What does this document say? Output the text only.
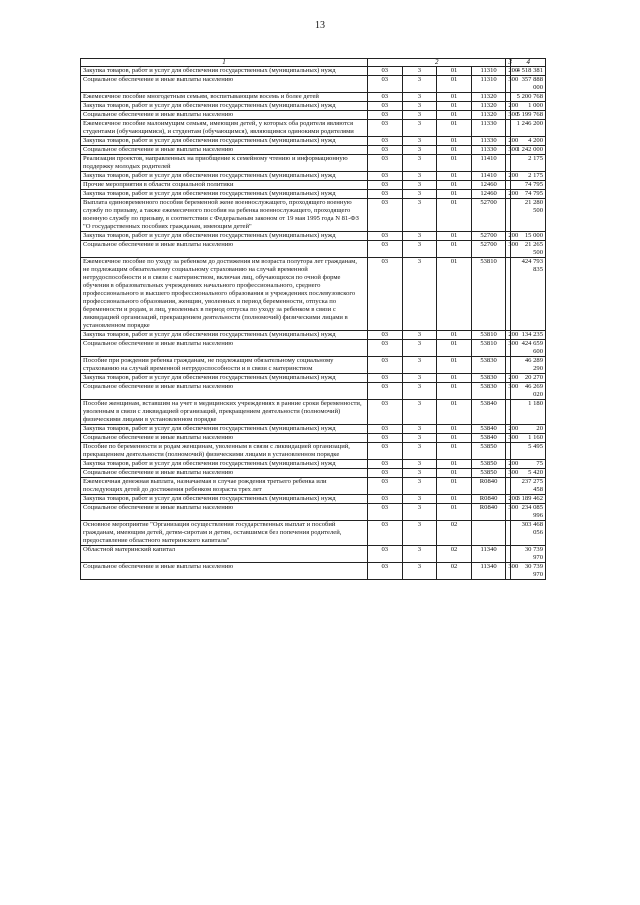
13
1	2				3	4
Закупка товаров, работ и услуг для обеспечения государственных (муниципальных) нужд	03	3	01	11310	200	4 518 381
Социальное обеспечение и иные выплаты населению	03	3	01	11310	300	357 888 000
Ежемесячное пособие многодетным семьям, воспитывающим восемь и более детей	03	3	01	11320		5 200 768
Закупка товаров, работ и услуг для обеспечения государственных (муниципальных) нужд	03	3	01	11320	200	1 000
Социальное обеспечение и иные выплаты населению	03	3	01	11320	300	5 199 768
Ежемесячное пособие малоимущим семьям, имеющим детей, у которых оба родителя являются студентами (обучающимися), и студентам (обучающимся), являющимся одинокими родителями	03	3	01	11330		1 246 200
Закупка товаров, работ и услуг для обеспечения государственных (муниципальных) нужд	03	3	01	11330	200	4 200
Социальное обеспечение и иные выплаты населению	03	3	01	11330	300	1 242 000
Реализация проектов, направленных на приобщение к семейному чтению и информационную поддержку молодых родителей	03	3	01	11410		2 175
Закупка товаров, работ и услуг для обеспечения государственных (муниципальных) нужд	03	3	01	11410	200	2 175
Прочие мероприятия в области социальной политики	03	3	01	12460		74 795
Закупка товаров, работ и услуг для обеспечения государственных (муниципальных) нужд	03	3	01	12460	200	74 795
Выплата единовременного пособия беременной жене военнослужащего, проходящего военную службу по призыву, а также ежемесячного пособия на ребенка военнослужащего, проходящего военную службу по призыву, в соответствии с Федеральным законом от 19 мая 1995 года N 81-ФЗ "О государственных пособиях гражданам, имеющим детей"	03	3	01	52700		21 280 500
Закупка товаров, работ и услуг для обеспечения государственных (муниципальных) нужд	03	3	01	52700	200	15 000
Социальное обеспечение и иные выплаты населению	03	3	01	52700	300	21 265 500
Ежемесячное пособие по уходу за ребенком до достижения им возраста полутора лет гражданам, не подлежащим обязательному социальному страхованию на случай временной нетрудоспособности и в связи с материнством, включая лиц, обучающихся по очной форме обучения в образовательных учреждениях начального профессионального, среднего профессионального и высшего профессионального образования и учреждениях послевузовского профессионального образования, женщин, уволенных в период беременности, отпуска по беременности и родам, и лиц, уволенных в период отпуска по уходу за ребенком в связи с ликвидацией организаций, прекращением деятельности (полномочий) физическими лицами в установленном порядке	03	3	01	53810		424 793 835
Закупка товаров, работ и услуг для обеспечения государственных (муниципальных) нужд	03	3	01	53810	200	134 235
Социальное обеспечение и иные выплаты населению	03	3	01	53810	300	424 659 600
Пособие при рождении ребенка гражданам, не подлежащим обязательному социальному страхованию на случай временной нетрудоспособности и в связи с материнством	03	3	01	53830		46 289 290
Закупка товаров, работ и услуг для обеспечения государственных (муниципальных) нужд	03	3	01	53830	200	20 270
Социальное обеспечение и иные выплаты населению	03	3	01	53830	300	46 269 020
Пособие женщинам, вставшим на учет в медицинских учреждениях в ранние сроки беременности, уволенным в связи с ликвидацией организаций, прекращением деятельности (полномочий) физическими лицами в установленном порядке	03	3	01	53840		1 180
Закупка товаров, работ и услуг для обеспечения государственных (муниципальных) нужд	03	3	01	53840	200	20
Социальное обеспечение и иные выплаты населению	03	3	01	53840	300	1 160
Пособие по беременности и родам женщинам, уволенным в связи с ликвидацией организаций, прекращением деятельности (полномочий) физическими лицами в установленном порядке	03	3	01	53850		5 495
Закупка товаров, работ и услуг для обеспечения государственных (муниципальных) нужд	03	3	01	53850	200	75
Социальное обеспечение и иные выплаты населению	03	3	01	53850	300	5 420
Ежемесячная денежная выплата, назначаемая в случае рождения третьего ребенка или последующих детей до достижения ребенком возраста трех лет	03	3	01	R0840		237 275 458
Закупка товаров, работ и услуг для обеспечения государственных (муниципальных) нужд	03	3	01	R0840	200	3 189 462
Социальное обеспечение и иные выплаты населению	03	3	01	R0840	300	234 085 996
Основное мероприятие "Организация осуществления государственных выплат и пособий гражданам, имеющим детей, детям-сиротам и детям, оставшимся без попечения родителей, предоставление областного материнского капитала"	03	3	02			303 468 056
Областной материнский капитал	03	3	02	11340		30 739 970
Социальное обеспечение и иные выплаты населению	03	3	02	11340	300	30 739 970
